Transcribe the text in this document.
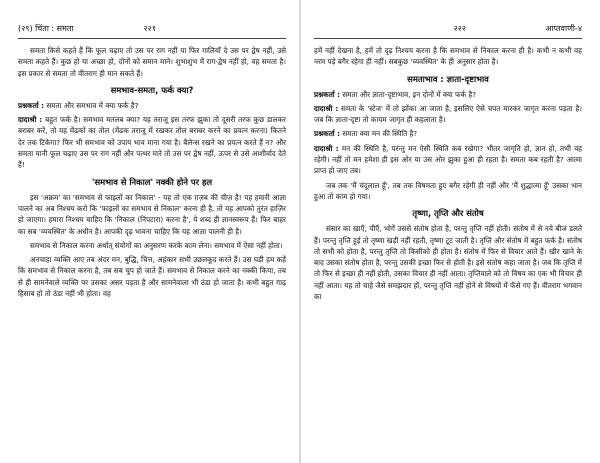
(२९) चिंता : समता	२२१

समता किसे कहते हैं कि फूल चढ़ाए तो उस पर राग नहीं या फिर गालियाँ दे उस पर द्वेष नहीं, उसे समता कहते हैं। कुछ हो या अच्छा हो, दोनों को समान माने। शुभाशुभ में राग-द्वेष नहीं हो, वह समता है। इस प्रकार से समता तो वीतराग ही मान सकते हैं।

समभाव-समता, फर्क क्या?

प्रश्नकर्ता : समता और समभाव में क्या फर्क है?

दादाश्री : बहुत फर्क है। समभाव मतलब क्या? यह तराजू इस तरफ झुका तो दूसरी तरफ कुछ डालकर बराबर करें, तो यह मेंढकों का तोल (मेंढक तराजू में रखकर तोल बराबर करने का प्रयत्न करना) कितने देर तक टिकेगा? फिर भी समभाव को उपाय भाव माना गया है। बैलेन्स रखने का प्रयत्न करते हैं न? और समता यानी फूल चढ़ाए उस पर राग नहीं और पत्थर मारे तो उस पर द्वेष नहीं, ऊपर से उसे आशीर्वाद देते हैं!

'समभाव से निकाल' नक्की होने पर हल

इस 'अक्रम' का 'समभाव से फाइलों का निकाल' - यह तो एक ग़ज़ब की चीज़ है! यह हमारी आज्ञा पालने का अब निश्चय करो कि 'फाइलों का समभाव से निकाल' करना ही है, तो यह आपको तुरंत हाज़िर हो जाएगा। हमारा निश्चय चाहिए कि 'निकाल (निपटारा) करना है', ये शब्द ही ज्ञानस्वरूप हैं। फिर बाहर का सब 'व्यवस्थित' के अधीन है। आपकी दृढ़ भावना चाहिए कि यह आज्ञा पालनी ही है।

समभाव से निकाल करना अर्थात् संयोगों का अनुसरण करके काम लेना। समभाव में ऐसा नहीं होता।

अनचाहा व्यक्ति आए तब अंदर मन, बुद्धि, चित्त, अहंकार सभी उछलकूद करते हैं। उस घड़ी हम कहें कि समभाव से निकाल करना है, तब सब चुप हो जाते हैं। समभाव से निकाल करने का नक्की किया, तब से ही सामनेवाले व्यक्ति पर उसका असर पड़ता है और सामनेवाला भी ठंडा हो जाता है। कभी बहुत गाढ़ हिसाब हो तो ठंडा नहीं भी होता। वह

२२२	आप्तवाणी-४

हमें नहीं देखना है, हमें तो दृढ़ निश्चय करना है कि समभाव से निकाल करना ही है। कभी न कभी वह नरम पड़े बगैर रहेगा ही नहीं। सबकुछ 'व्यवस्थित' के ही अनुसार होता है।

समताभाव : ज्ञाता-दृष्टाभाव

प्रश्नकर्ता : समता और ज्ञाता-दृष्टाभाव, इन दोनों में क्या फर्क है?

दादाश्री : समता के 'स्टेज' में तो झोंका आ जाता है, इसलिए ऐसे चपत मारकर जागृत करना पड़ता है। जब कि ज्ञाता-दृष्टा तो कायम जागृत ही कहलाता है।

प्रश्नकर्ता : समता क्या मन की स्थिति है?

दादाश्री : मन की स्थिति है, परन्तु मन ऐसी स्थिति कब रखेगा? भीतर जागृति हो, ज्ञान हो, तभी वह रहेगी। नहीं तो मन हमेशा ही इस ओर या उस ओर झुका हुआ ही रहता है। समता कब रहती है? आत्मा प्राप्त हो जाए तब।

जब तक 'मैं चंदूलाल हूँ', तब तक विषमता हुए बगैर रहेगी ही नहीं और 'मैं शुद्धात्मा हूँ' उसका भान हुआ तो काम हो गया।

तृष्णा, तृप्ति और संतोष

संसार का खाएँ, पीएँ, भोगें उससे संतोष होता है, परन्तु तृप्ति नहीं होती। संतोष में से नये बीज डलते हैं। परन्तु तृप्ति हुई तो तृष्णा खड़ी नहीं रहती, तृष्णा टूट जाती है। तृप्ति और संतोष में बहुत फर्क है। संतोष तो सभी को होता है, परन्तु तृप्ति तो किसीको ही होता है। संतोष में फिर से विचार आते हैं। खीर खाने के बाद उसका संतोष होता है, परन्तु उसकी इच्छा फिर से होती है। इसे संतोष कहा जाता है। जब कि तृप्ति में तो फिर से इच्छा ही नहीं होती, उसका विचार ही नहीं आता। तृप्तिवाले को तो विषय का एक भी विचार ही नहीं आता। यह तो चाहे जैसे समझदार हों, परन्तु तृप्ति नहीं होने से विषयों में फँसे गए हैं। वीतराग भगवान का
